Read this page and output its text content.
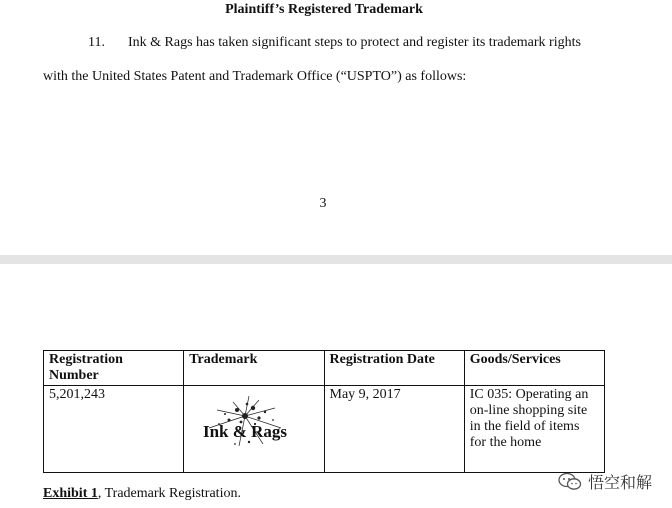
Plaintiff’s Registered Trademark
11. Ink & Rags has taken significant steps to protect and register its trademark rights
with the United States Patent and Trademark Office (“USPTO”) as follows:
3
Registration
Number	Trademark	Registration Date	Goods/Services
5,201,243	Ink & Rags	May 9, 2017	IC 035: Operating an on-line shopping site in the field of items for the home
Exhibit 1, Trademark Registration.
悟空和解
